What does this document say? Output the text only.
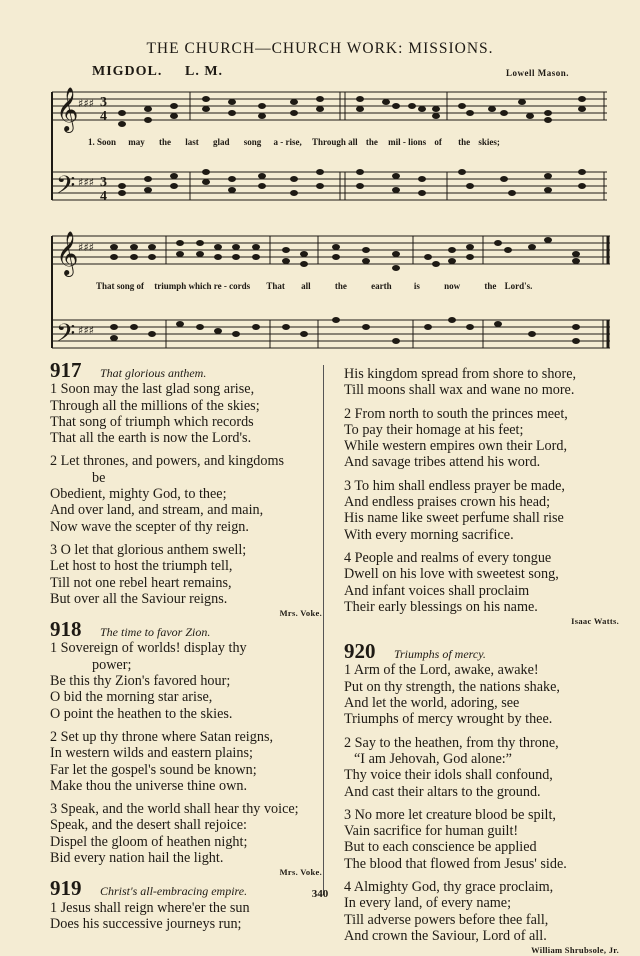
THE CHURCH—CHURCH WORK: MISSIONS.
MIGDOL. L. M.	Lowell Mason.
𝄞
𝄢
♯♯♯
♯♯♯
3
4
3
4
1. Soon may the last glad song a - rise, Through all the mil - lions of the skies;
𝄞
𝄢
♯♯♯
♯♯♯
That song of triumph which re - cords That all	the	earth is	now	the Lord's.
917 That glorious anthem.

1 Soon may the last glad song arise,

Through all the millions of the skies;

That song of triumph which records

That all the earth is now the Lord's.

2 Let thrones, and powers, and kingdoms

be

Obedient, mighty God, to thee;

And over land, and stream, and main,

Now wave the scepter of thy reign.

3 O let that glorious anthem swell;

Let host to host the triumph tell,

Till not one rebel heart remains,

But over all the Saviour reigns.

Mrs. Voke.
918 The time to favor Zion.

1 Sovereign of worlds! display thy

power;

Be this thy Zion's favored hour;

O bid the morning star arise,

O point the heathen to the skies.

2 Set up thy throne where Satan reigns,

In western wilds and eastern plains;

Far let the gospel's sound be known;

Make thou the universe thine own.

3 Speak, and the world shall hear thy voice;

Speak, and the desert shall rejoice:

Dispel the gloom of heathen night;

Bid every nation hail the light.

Mrs. Voke.
919 Christ's all-embracing empire.

1 Jesus shall reign where'er the sun

Does his successive journeys run;

His kingdom spread from shore to shore,

Till moons shall wax and wane no more.

2 From north to south the princes meet,

To pay their homage at his feet;

While western empires own their Lord,

And savage tribes attend his word.

3 To him shall endless prayer be made,

And endless praises crown his head;

His name like sweet perfume shall rise

With every morning sacrifice.

4 People and realms of every tongue

Dwell on his love with sweetest song,

And infant voices shall proclaim

Their early blessings on his name.

Isaac Watts.
920 Triumphs of mercy.

1 Arm of the Lord, awake, awake!

Put on thy strength, the nations shake,

And let the world, adoring, see

Triumphs of mercy wrought by thee.

2 Say to the heathen, from thy throne,

“I am Jehovah, God alone:”

Thy voice their idols shall confound,

And cast their altars to the ground.

3 No more let creature blood be spilt,

Vain sacrifice for human guilt!

But to each conscience be applied

The blood that flowed from Jesus' side.

4 Almighty God, thy grace proclaim,

In every land, of every name;

Till adverse powers before thee fall,

And crown the Saviour, Lord of all.

William Shrubsole, Jr.
340
